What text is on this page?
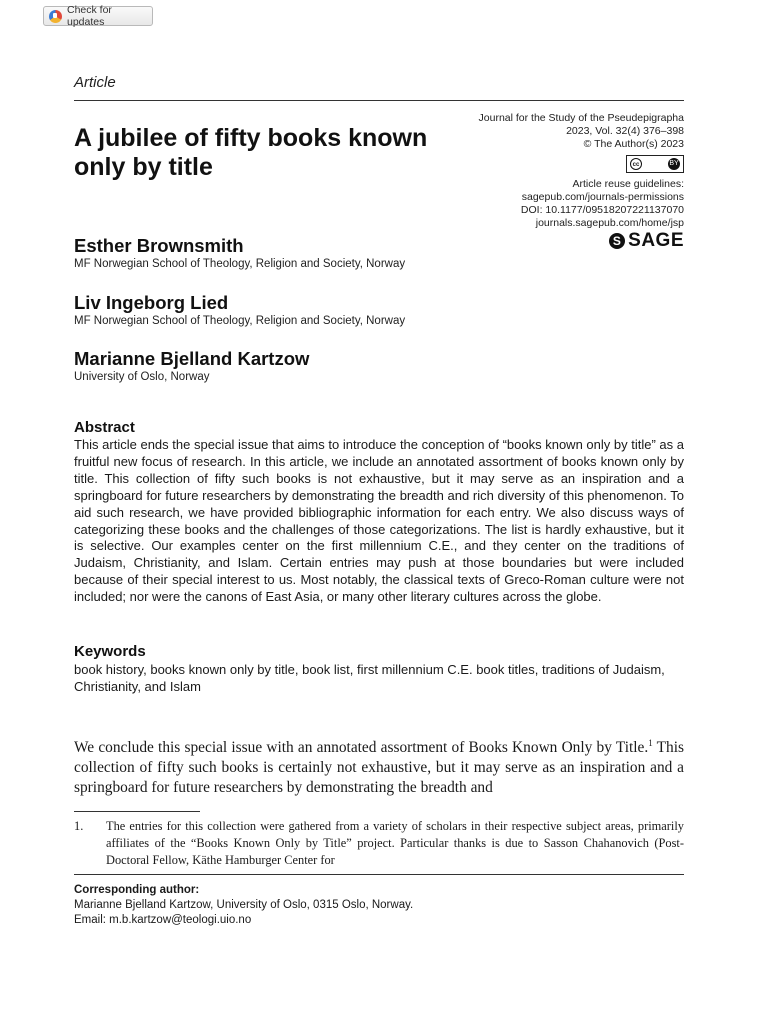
Check for updates
Article
A jubilee of fifty books known only by title
Journal for the Study of the Pseudepigrapha
2023, Vol. 32(4) 376–398
© The Author(s) 2023
cc	BY
Article reuse guidelines:
sagepub.com/journals-permissions
DOI: 10.1177/09518207221137070
journals.sagepub.com/home/jsp
S SAGE
Esther Brownsmith
MF Norwegian School of Theology, Religion and Society, Norway
Liv Ingeborg Lied
MF Norwegian School of Theology, Religion and Society, Norway
Marianne Bjelland Kartzow
University of Oslo, Norway
Abstract

This article ends the special issue that aims to introduce the conception of “books known only by title” as a fruitful new focus of research. In this article, we include an annotated assortment of books known only by title. This collection of fifty such books is not exhaustive, but it may serve as an inspiration and a springboard for future researchers by demonstrating the breadth and rich diversity of this phenomenon. To aid such research, we have provided bibliographic information for each entry. We also discuss ways of categorizing these books and the challenges of those categorizations. The list is hardly exhaustive, but it is selective. Our examples center on the first millennium C.E., and they center on the traditions of Judaism, Christianity, and Islam. Certain entries may push at those boundaries but were included because of their special interest to us. Most notably, the classical texts of Greco-Roman culture were not included; nor were the canons of East Asia, or many other literary cultures across the globe.

Keywords

book history, books known only by title, book list, first millennium C.E. book titles, traditions of Judaism, Christianity, and Islam

We conclude this special issue with an annotated assortment of Books Known Only by Title.$^1$ This collection of fifty such books is certainly not exhaustive, but it may serve as an inspiration and a springboard for future researchers by demonstrating the breadth and

1.	The entries for this collection were gathered from a variety of scholars in their respective subject areas, primarily affiliates of the “Books Known Only by Title” project. Particular thanks is due to Sasson Chahanovich (Post-Doctoral Fellow, Käthe Hamburger Center for
Corresponding author:
Marianne Bjelland Kartzow, University of Oslo, 0315 Oslo, Norway.
Email: m.b.kartzow@teologi.uio.no
